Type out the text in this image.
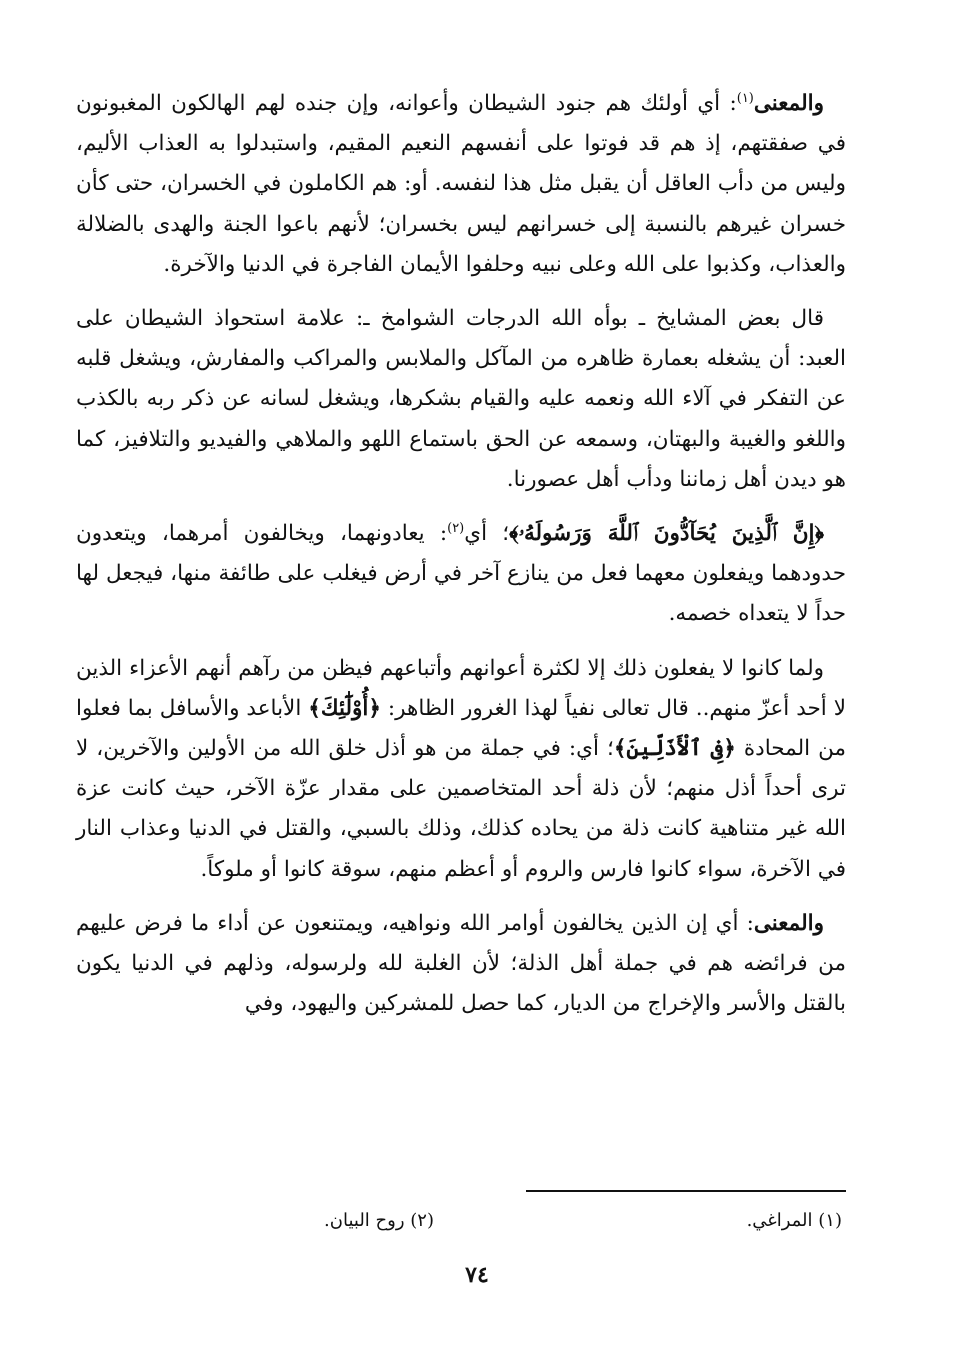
والمعنى$^{(١)}$: أي أولئك هم جنود الشيطان وأعوانه، وإن جنده لهم الهالكون المغبونون في صفقتهم، إذ هم قد فوتوا على أنفسهم النعيم المقيم، واستبدلوا به العذاب الأليم، وليس من دأب العاقل أن يقبل مثل هذا لنفسه. أو: هم الكاملون في الخسران، حتى كأن خسران غيرهم بالنسبة إلى خسرانهم ليس بخسران؛ لأنهم باعوا الجنة والهدى بالضلالة والعذاب، وكذبوا على الله وعلى نبيه وحلفوا الأيمان الفاجرة في الدنيا والآخرة.

قال بعض المشايخ ـ بوأه الله الدرجات الشوامخ ـ: علامة استحواذ الشيطان على العبد: أن يشغله بعمارة ظاهره من المآكل والملابس والمراكب والمفارش، ويشغل قلبه عن التفكر في آلاء الله ونعمه عليه والقيام بشكرها، ويشغل لسانه عن ذكر ربه بالكذب واللغو والغيبة والبهتان، وسمعه عن الحق باستماع اللهو والملاهي والفيديو والتلافيز، كما هو ديدن أهل زماننا ودأب أهل عصورنا.

﴿إِنَّ ٱلَّذِينَ يُحَآدُّونَ ٱللَّهَ وَرَسُولَهُۥ﴾؛ أي$^{(٢)}$: يعادونهما، ويخالفون أمرهما، ويتعدون حدودهما ويفعلون معهما فعل من ينازع آخر في أرض فيغلب على طائفة منها، فيجعل لها حداً لا يتعداه خصمه.

ولما كانوا لا يفعلون ذلك إلا لكثرة أعوانهم وأتباعهم فيظن من رآهم أنهم الأعزاء الذين لا أحد أعزّ منهم.. قال تعالى نفياً لهذا الغرور الظاهر: ﴿أُوْلَٰٓئِكَ﴾ الأباعد والأسافل بما فعلوا من المحادة ﴿فِى ٱلْأَذَلِّينَ﴾؛ أي: في جملة من هو أذل خلق الله من الأولين والآخرين، لا ترى أحداً أذل منهم؛ لأن ذلة أحد المتخاصمين على مقدار عزّة الآخر، حيث كانت عزة الله غير متناهية كانت ذلة من يحاده كذلك، وذلك بالسبي، والقتل في الدنيا وعذاب النار في الآخرة، سواء كانوا فارس والروم أو أعظم منهم، سوقة كانوا أو ملوكاً.

والمعنى: أي إن الذين يخالفون أوامر الله ونواهيه، ويمتنعون عن أداء ما فرض عليهم من فرائضه هم في جملة أهل الذلة؛ لأن الغلبة لله ولرسوله، وذلهم في الدنيا يكون بالقتل والأسر والإخراج من الديار، كما حصل للمشركين واليهود، وفي

(١) المراغي.
(٢) روح البيان.
٧٤
